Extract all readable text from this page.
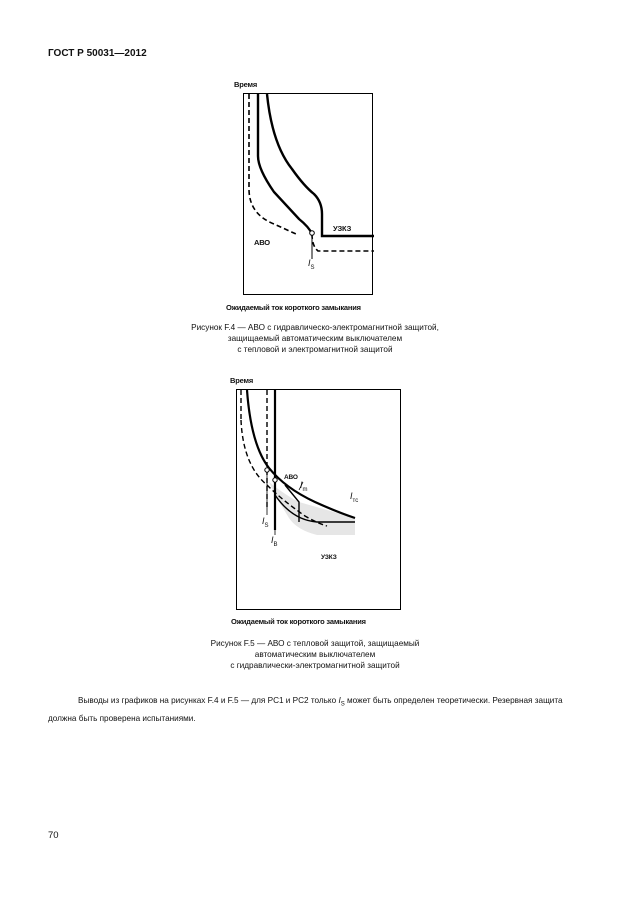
ГОСТ Р 50031—2012
Время
АВО
УЗКЗ
$I_S$
Ожидаемый ток короткого замыкания
Рисунок F.4 — АВО с гидравлическо-электромагнитной защитой,
защищаемый автоматическим выключателем
с тепловой и электромагнитной защитой
Время
АВО
$I_m$
$I_{тс}$
$I_S$
$I_B$
УЗКЗ
Ожидаемый ток короткого замыкания
Рисунок F.5 — АВО с тепловой защитой, защищаемый
автоматическим выключателем
с гидравлически-электромагнитной защитой
Выводы из графиков на рисунках F.4 и F.5 — для PC1 и PC2 только $I_S$ может быть определен теоретически. Резервная защита должна быть проверена испытаниями.
70
